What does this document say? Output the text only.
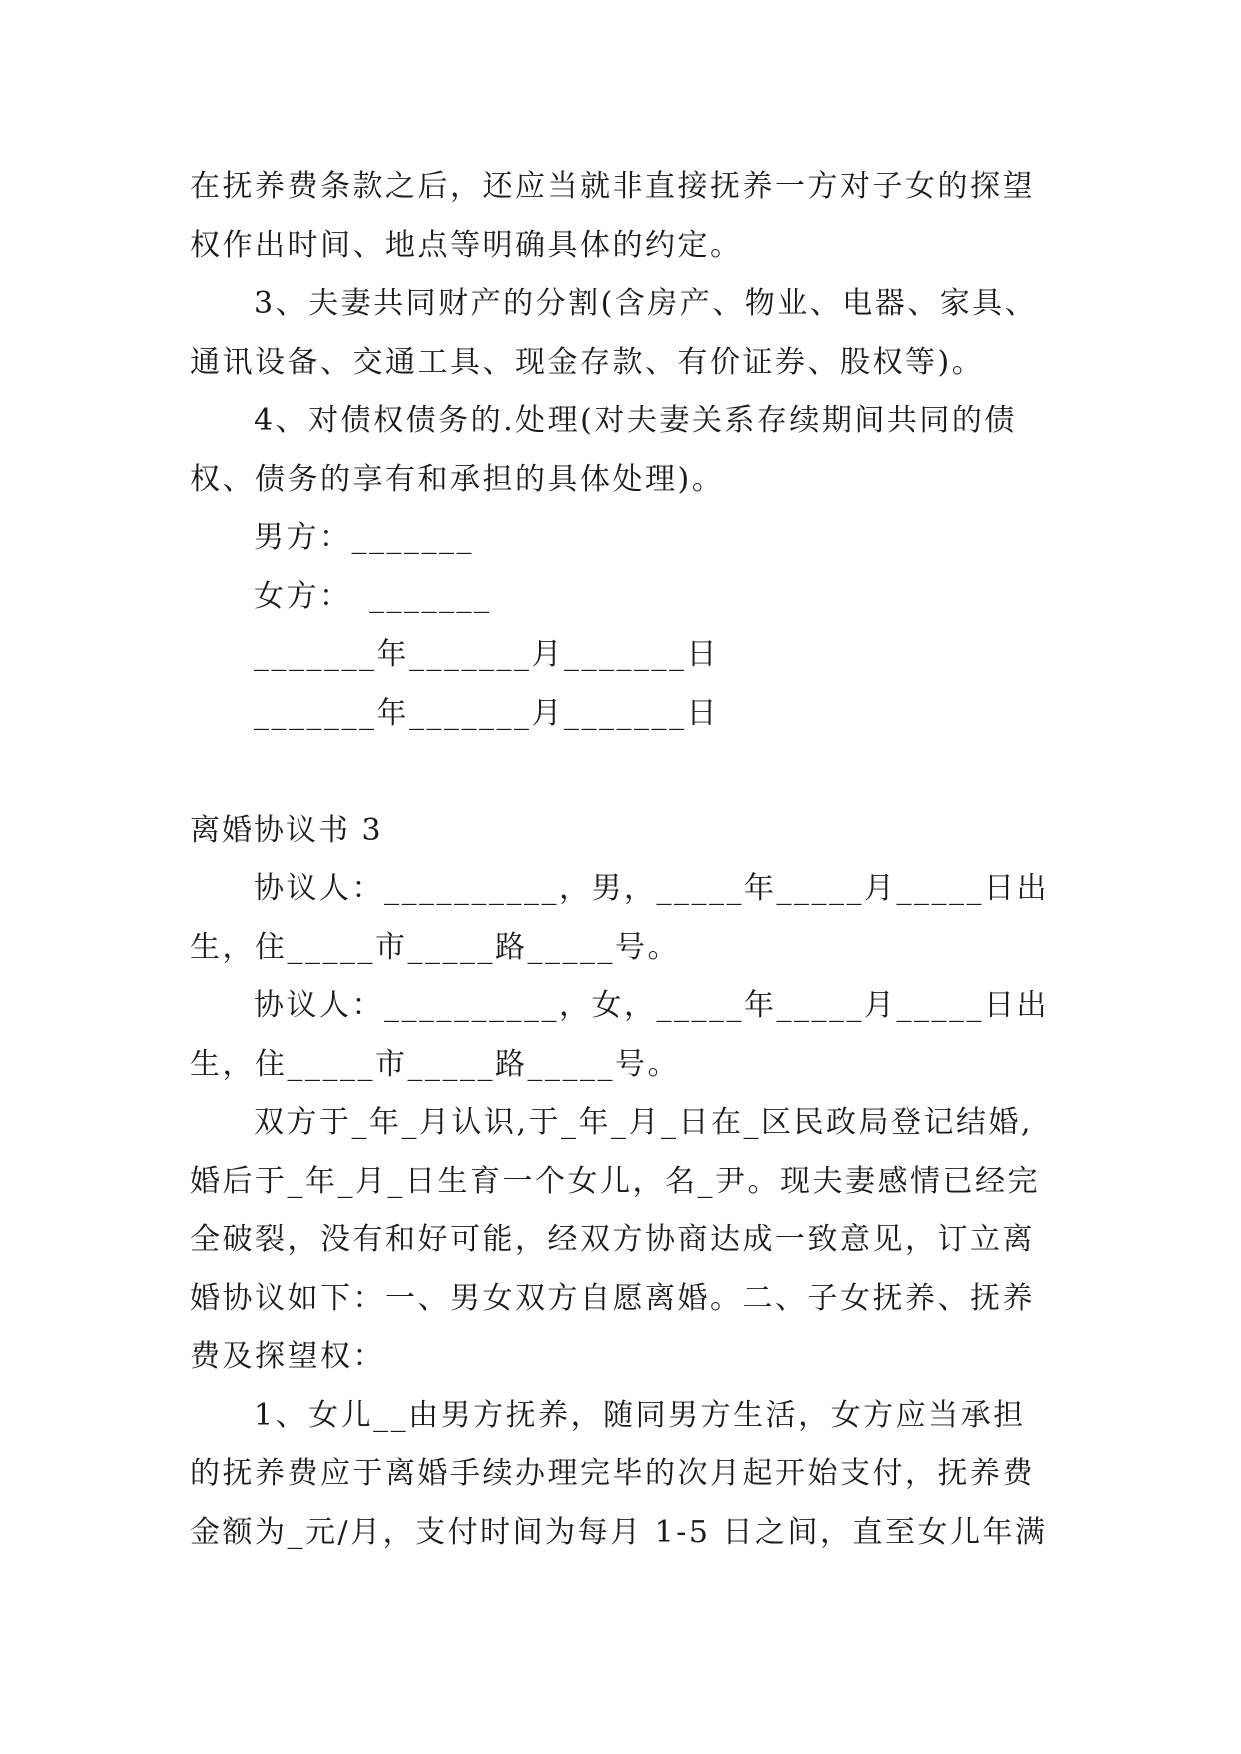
在抚养费条款之后，还应当就非直接抚养一方对子女的探望
权作出时间、地点等明确具体的约定。
3、夫妻共同财产的分割(含房产、物业、电器、家具、
通讯设备、交通工具、现金存款、有价证券、股权等)。
4、对债权债务的.处理(对夫妻关系存续期间共同的债
权、债务的享有和承担的具体处理)。
男方：_______
女方：　_______
_______年_______月_______日
_______年_______月_______日
离婚协议书 3
协议人：__________，男，_____年_____月_____日出
生，住_____市_____路_____号。
协议人：__________，女，_____年_____月_____日出
生，住_____市_____路_____号。
双方于_年_月认识,于_年_月_日在_区民政局登记结婚,
婚后于_年_月_日生育一个女儿，名_尹。现夫妻感情已经完
全破裂，没有和好可能，经双方协商达成一致意见，订立离
婚协议如下：一、男女双方自愿离婚。二、子女抚养、抚养
费及探望权：
1、女儿__由男方抚养，随同男方生活，女方应当承担
的抚养费应于离婚手续办理完毕的次月起开始支付，抚养费
金额为_元/月，支付时间为每月 1-5 日之间，直至女儿年满
